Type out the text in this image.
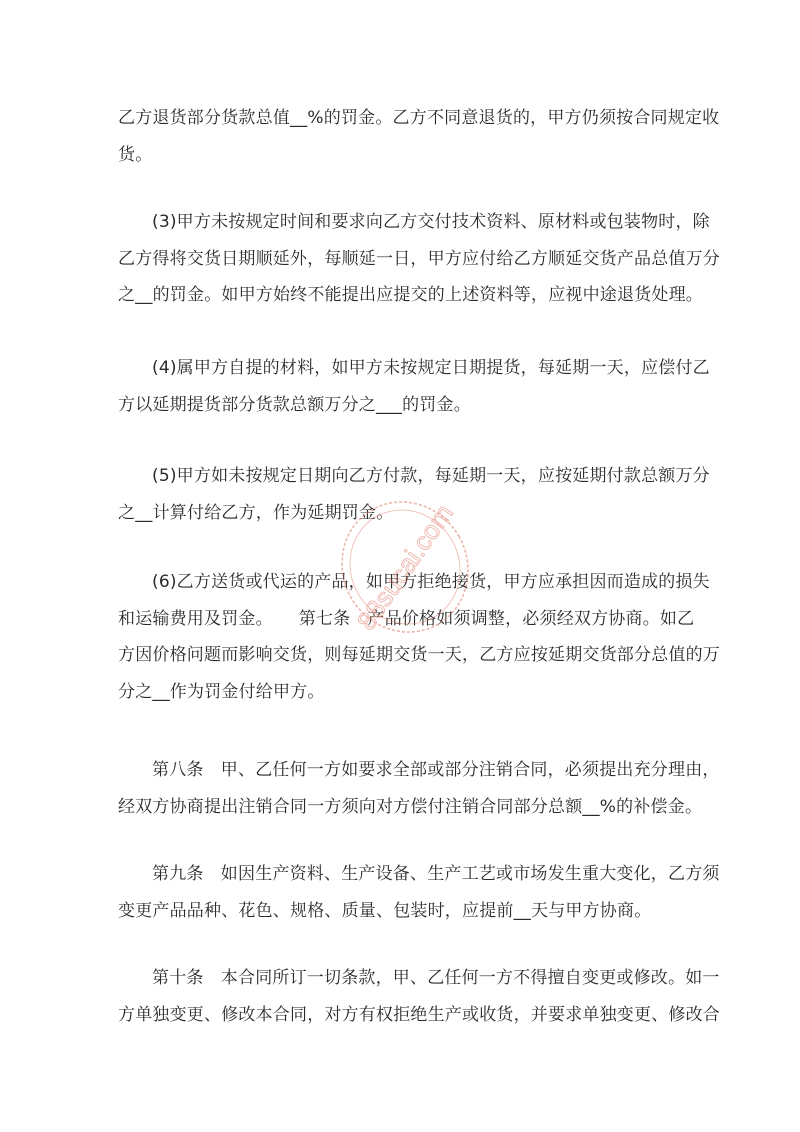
乙方退货部分货款总值__%的罚金。乙方不同意退货的，甲方仍须按合同规定收
货。

(3)甲方未按规定时间和要求向乙方交付技术资料、原材料或包装物时，除
乙方得将交货日期顺延外，每顺延一日，甲方应付给乙方顺延交货产品总值万分
之__的罚金。如甲方始终不能提出应提交的上述资料等，应视中途退货处理。

(4)属甲方自提的材料，如甲方未按规定日期提货，每延期一天，应偿付乙
方以延期提货部分货款总额万分之___的罚金。

(5)甲方如未按规定日期向乙方付款，每延期一天，应按延期付款总额万分
之__计算付给乙方，作为延期罚金。

(6)乙方送货或代运的产品，如甲方拒绝接货，甲方应承担因而造成的损失
和运输费用及罚金。　　第七条　产品价格如须调整，必须经双方协商。如乙
方因价格问题而影响交货，则每延期交货一天，乙方应按延期交货部分总值的万
分之__作为罚金付给甲方。

第八条　甲、乙任何一方如要求全部或部分注销合同，必须提出充分理由，
经双方协商提出注销合同一方须向对方偿付注销合同部分总额__%的补偿金。

第九条　如因生产资料、生产设备、生产工艺或市场发生重大变化，乙方须
变更产品品种、花色、规格、质量、包装时，应提前__天与甲方协商。

第十条　本合同所订一切条款，甲、乙任何一方不得擅自变更或修改。如一
方单独变更、修改本合同，对方有权拒绝生产或收货，并要求单独变更、修改合

88sucai.com
